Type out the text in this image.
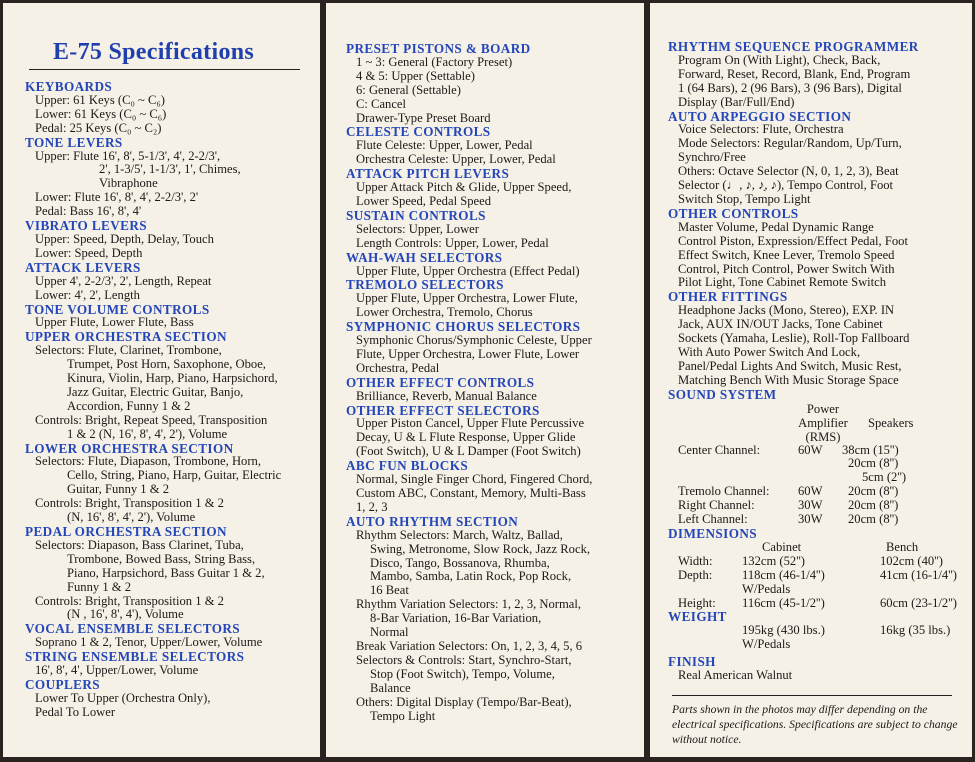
E-75 Specifications
KEYBOARDS
Upper: 61 Keys (C₀ ~ C₆)
Lower: 61 Keys (C₀ ~ C₆)
Pedal: 25 Keys (C₀ ~ C₂)
TONE LEVERS
Upper: Flute 16', 8', 5-1/3', 4', 2-2/3',
2', 1-3/5', 1-1/3', 1', Chimes,
Vibraphone
Lower: Flute 16', 8', 4', 2-2/3', 2'
Pedal: Bass 16', 8', 4'
VIBRATO LEVERS
Upper: Speed, Depth, Delay, Touch
Lower: Speed, Depth
ATTACK LEVERS
Upper 4', 2-2/3', 2', Length, Repeat
Lower: 4', 2', Length
TONE VOLUME CONTROLS
Upper Flute, Lower Flute, Bass
UPPER ORCHESTRA SECTION
Selectors: Flute, Clarinet, Trombone,
Trumpet, Post Horn, Saxophone, Oboe,
Kinura, Violin, Harp, Piano, Harpsichord,
Jazz Guitar, Electric Guitar, Banjo,
Accordion, Funny 1 & 2
Controls: Bright, Repeat Speed, Transposition
1 & 2 (N, 16', 8', 4', 2'), Volume
LOWER ORCHESTRA SECTION
Selectors: Flute, Diapason, Trombone, Horn,
Cello, String, Piano, Harp, Guitar, Electric
Guitar, Funny 1 & 2
Controls: Bright, Transposition 1 & 2
(N, 16', 8', 4', 2'), Volume
PEDAL ORCHESTRA SECTION
Selectors: Diapason, Bass Clarinet, Tuba,
Trombone, Bowed Bass, String Bass,
Piano, Harpsichord, Bass Guitar 1 & 2,
Funny 1 & 2
Controls: Bright, Transposition 1 & 2
(N , 16', 8', 4'), Volume
VOCAL ENSEMBLE SELECTORS
Soprano 1 & 2, Tenor, Upper/Lower, Volume
STRING ENSEMBLE SELECTORS
16', 8', 4', Upper/Lower, Volume
COUPLERS
Lower To Upper (Orchestra Only),
Pedal To Lower
PRESET PISTONS & BOARD
1 ~ 3: General (Factory Preset)
4 & 5: Upper (Settable)
6: General (Settable)
C: Cancel
Drawer-Type Preset Board
CELESTE CONTROLS
Flute Celeste: Upper, Lower, Pedal
Orchestra Celeste: Upper, Lower, Pedal
ATTACK PITCH LEVERS
Upper Attack Pitch & Glide, Upper Speed,
Lower Speed, Pedal Speed
SUSTAIN CONTROLS
Selectors: Upper, Lower
Length Controls: Upper, Lower, Pedal
WAH-WAH SELECTORS
Upper Flute, Upper Orchestra (Effect Pedal)
TREMOLO SELECTORS
Upper Flute, Upper Orchestra, Lower Flute,
Lower Orchestra, Tremolo, Chorus
SYMPHONIC CHORUS SELECTORS
Symphonic Chorus/Symphonic Celeste, Upper
Flute, Upper Orchestra, Lower Flute, Lower
Orchestra, Pedal
OTHER EFFECT CONTROLS
Brilliance, Reverb, Manual Balance
OTHER EFFECT SELECTORS
Upper Piston Cancel, Upper Flute Percussive
Decay, U & L Flute Response, Upper Glide
(Foot Switch), U & L Damper (Foot Switch)
ABC FUN BLOCKS
Normal, Single Finger Chord, Fingered Chord,
Custom ABC, Constant, Memory, Multi-Bass
1, 2, 3
AUTO RHYTHM SECTION
Rhythm Selectors: March, Waltz, Ballad,
Swing, Metronome, Slow Rock, Jazz Rock,
Disco, Tango, Bossanova, Rhumba,
Mambo, Samba, Latin Rock, Pop Rock,
16 Beat
Rhythm Variation Selectors: 1, 2, 3, Normal,
8-Bar Variation, 16-Bar Variation,
Normal
Break Variation Selectors: On, 1, 2, 3, 4, 5, 6
Selectors & Controls: Start, Synchro-Start,
Stop (Foot Switch), Tempo, Volume,
Balance
Others: Digital Display (Tempo/Bar-Beat),
Tempo Light
RHYTHM SEQUENCE PROGRAMMER
Program On (With Light), Check, Back,
Forward, Reset, Record, Blank, End, Program
1 (64 Bars), 2 (96 Bars), 3 (96 Bars), Digital
Display (Bar/Full/End)
AUTO ARPEGGIO SECTION
Voice Selectors: Flute, Orchestra
Mode Selectors: Regular/Random, Up/Turn,
Synchro/Free
Others: Octave Selector (N, 0, 1, 2, 3), Beat
Selector (♩, ♪, ♪̣, ♪), Tempo Control, Foot
Switch Stop, Tempo Light
OTHER CONTROLS
Master Volume, Pedal Dynamic Range
Control Piston, Expression/Effect Pedal, Foot
Effect Switch, Knee Lever, Tremolo Speed
Control, Pitch Control, Power Switch With
Pilot Light, Tone Cabinet Remote Switch
OTHER FITTINGS
Headphone Jacks (Mono, Stereo), EXP. IN
Jack, AUX IN/OUT Jacks, Tone Cabinet
Sockets (Yamaha, Leslie), Roll-Top Fallboard
With Auto Power Switch And Lock,
Panel/Pedal Lights And Switch, Music Rest,
Matching Bench With Music Storage Space
SOUND SYSTEM
Power
Amplifier
(RMS)
Speakers
Center Channel:	60W	38cm (15'')
20cm (8'')
5cm (2'')
Tremolo Channel:	60W	20cm (8'')
Right Channel:	30W	20cm (8'')
Left Channel:	30W	20cm (8'')
DIMENSIONS
Cabinet	Bench
Width:	132cm (52'')	102cm (40'')
Depth:	118cm (46-1/4'')	41cm (16-1/4'')
W/Pedals
Height:	116cm (45-1/2'')	60cm (23-1/2'')
WEIGHT
195kg (430 lbs.)	16kg (35 lbs.)
W/Pedals
FINISH
Real American Walnut
Parts shown in the photos may differ depending on the electrical specifications. Specifications are subject to change without notice.
